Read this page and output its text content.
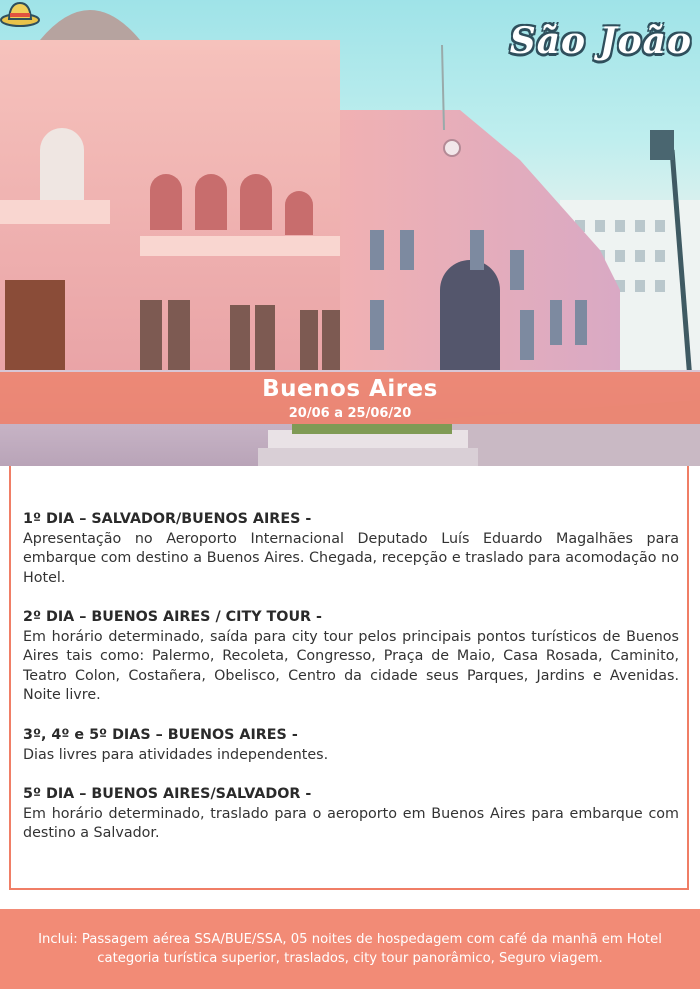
São João
Buenos Aires
20/06 a 25/06/20
1º DIA – SALVADOR/BUENOS AIRES -
Apresentação no Aeroporto Internacional Deputado Luís Eduardo Magalhães para embarque com destino a Buenos Aires. Chegada, recepção e traslado para acomodação no Hotel.
2º DIA – BUENOS AIRES / CITY TOUR -
Em horário determinado, saída para city tour pelos principais pontos turísticos de Buenos Aires tais como: Palermo, Recoleta, Congresso, Praça de Maio, Casa Rosada, Caminito, Teatro Colon, Costañera, Obelisco, Centro da cidade seus Parques, Jardins e Avenidas. Noite livre.
3º, 4º e 5º DIAS – BUENOS AIRES -
Dias livres para atividades independentes.
5º DIA – BUENOS AIRES/SALVADOR -
Em horário determinado, traslado para o aeroporto em Buenos Aires para embarque com destino a Salvador.
Inclui: Passagem aérea SSA/BUE/SSA, 05 noites de hospedagem com café da manhã em Hotel categoria turística superior, traslados, city tour panorâmico, Seguro viagem.
